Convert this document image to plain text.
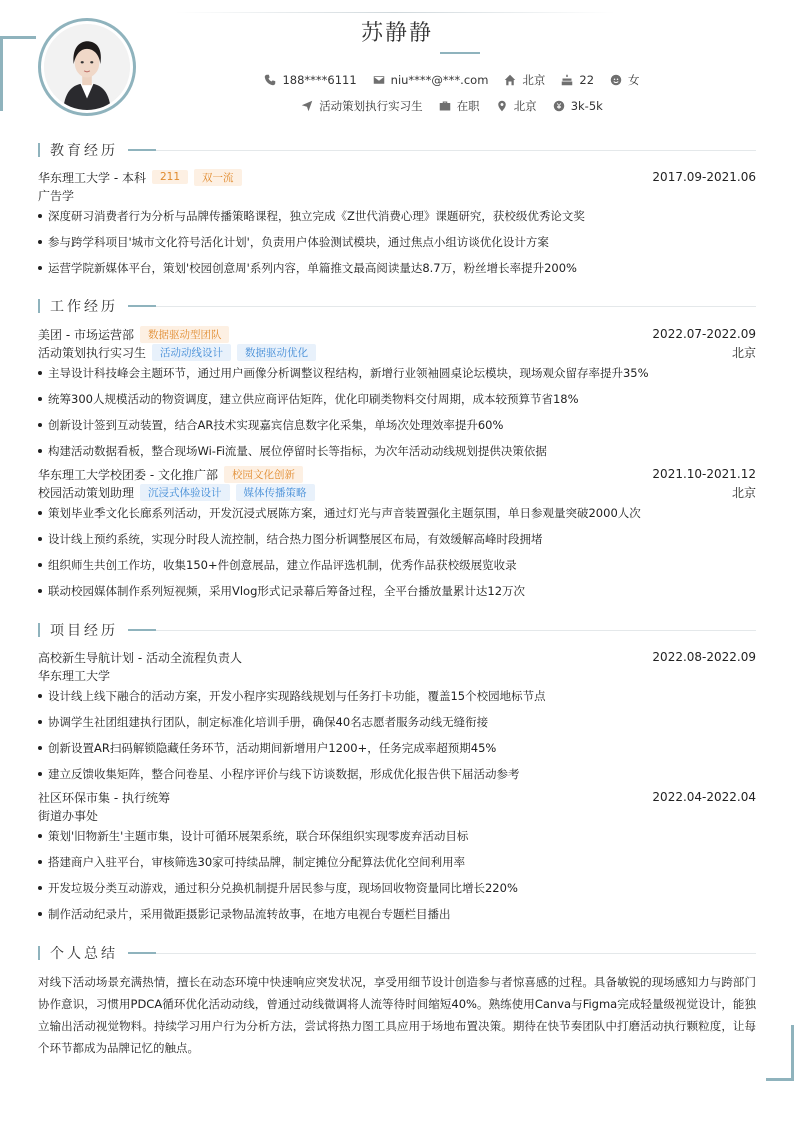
苏静静
188****6111	niu****@***.com	北京	22	女
活动策划执行实习生	在职	北京	3k-5k
教育经历
华东理工大学 - 本科	211	双一流	2017.09-2021.06
广告学
深度研习消费者行为分析与品牌传播策略课程，独立完成《Z世代消费心理》课题研究，获校级优秀论文奖
参与跨学科项目'城市文化符号活化计划'，负责用户体验测试模块，通过焦点小组访谈优化设计方案
运营学院新媒体平台，策划'校园创意周'系列内容，单篇推文最高阅读量达8.7万，粉丝增长率提升200%
工作经历
美团 - 市场运营部	数据驱动型团队	2022.07-2022.09
活动策划执行实习生	活动动线设计	数据驱动优化	北京
主导设计科技峰会主题环节，通过用户画像分析调整议程结构，新增行业领袖圆桌论坛模块，现场观众留存率提升35%
统筹300人规模活动的物资调度，建立供应商评估矩阵，优化印刷类物料交付周期，成本较预算节省18%
创新设计签到互动装置，结合AR技术实现嘉宾信息数字化采集，单场次处理效率提升60%
构建活动数据看板，整合现场Wi-Fi流量、展位停留时长等指标，为次年活动动线规划提供决策依据
华东理工大学校团委 - 文化推广部	校园文化创新	2021.10-2021.12
校园活动策划助理	沉浸式体验设计	媒体传播策略	北京
策划毕业季文化长廊系列活动，开发沉浸式展陈方案，通过灯光与声音装置强化主题氛围，单日参观量突破2000人次
设计线上预约系统，实现分时段人流控制，结合热力图分析调整展区布局，有效缓解高峰时段拥堵
组织师生共创工作坊，收集150+件创意展品，建立作品评选机制，优秀作品获校级展览收录
联动校园媒体制作系列短视频，采用Vlog形式记录幕后筹备过程，全平台播放量累计达12万次
项目经历
高校新生导航计划 - 活动全流程负责人	2022.08-2022.09
华东理工大学
设计线上线下融合的活动方案，开发小程序实现路线规划与任务打卡功能，覆盖15个校园地标节点
协调学生社团组建执行团队，制定标准化培训手册，确保40名志愿者服务动线无缝衔接
创新设置AR扫码解锁隐藏任务环节，活动期间新增用户1200+，任务完成率超预期45%
建立反馈收集矩阵，整合问卷星、小程序评价与线下访谈数据，形成优化报告供下届活动参考
社区环保市集 - 执行统筹	2022.04-2022.04
街道办事处
策划'旧物新生'主题市集，设计可循环展架系统，联合环保组织实现零废弃活动目标
搭建商户入驻平台，审核筛选30家可持续品牌，制定摊位分配算法优化空间利用率
开发垃圾分类互动游戏，通过积分兑换机制提升居民参与度，现场回收物资量同比增长220%
制作活动纪录片，采用微距摄影记录物品流转故事，在地方电视台专题栏目播出
个人总结

对线下活动场景充满热情，擅长在动态环境中快速响应突发状况，享受用细节设计创造参与者惊喜感的过程。具备敏锐的现场感知力与跨部门协作意识，习惯用PDCA循环优化活动动线，曾通过动线微调将人流等待时间缩短40%。熟练使用Canva与Figma完成轻量级视觉设计，能独立输出活动视觉物料。持续学习用户行为分析方法，尝试将热力图工具应用于场地布置决策。期待在快节奏团队中打磨活动执行颗粒度，让每个环节都成为品牌记忆的触点。
